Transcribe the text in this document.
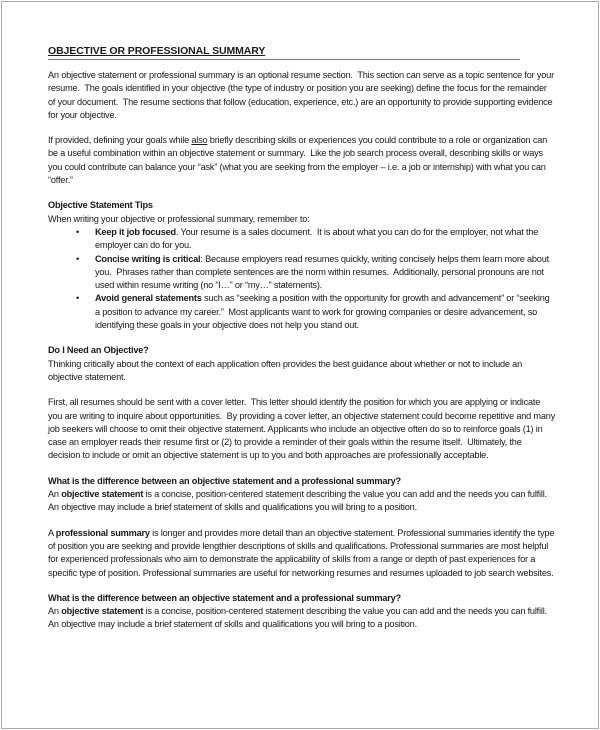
OBJECTIVE OR PROFESSIONAL SUMMARY

An objective statement or professional summary is an optional resume section.  This section can serve as a topic sentence for your resume.  The goals identified in your objective (the type of industry or position you are seeking) define the focus for the remainder of your document.  The resume sections that follow (education, experience, etc.) are an opportunity to provide supporting evidence for your objective.

If provided, defining your goals while also briefly describing skills or experiences you could contribute to a role or organization can be a useful combination within an objective statement or summary.  Like the job search process overall, describing skills or ways you could contribute can balance your “ask” (what you are seeking from the employer – i.e. a job or internship) with what you can “offer.”

Objective Statement Tips

When writing your objective or professional summary, remember to:

• Keep it job focused. Your resume is a sales document.  It is about what you can do for the employer, not what the employer can do for you.
• Concise writing is critical: Because employers read resumes quickly, writing concisely helps them learn more about you.  Phrases rather than complete sentences are the norm within resumes.  Additionally, personal pronouns are not used within resume writing (no “I…” or “my…” statements).
• Avoid general statements such as “seeking a position with the opportunity for growth and advancement” or “seeking a position to advance my career.”  Most applicants want to work for growing companies or desire advancement, so identifying these goals in your objective does not help you stand out.
Do I Need an Objective?

Thinking critically about the context of each application often provides the best guidance about whether or not to include an objective statement.

First, all resumes should be sent with a cover letter.  This letter should identify the position for which you are applying or indicate you are writing to inquire about opportunities.  By providing a cover letter, an objective statement could become repetitive and many job seekers will choose to omit their objective statement. Applicants who include an objective often do so to reinforce goals (1) in case an employer reads their resume first or (2) to provide a reminder of their goals within the resume itself.  Ultimately, the decision to include or omit an objective statement is up to you and both approaches are professionally acceptable.

What is the difference between an objective statement and a professional summary?

An objective statement is a concise, position-centered statement describing the value you can add and the needs you can fulfill.  An objective may include a brief statement of skills and qualifications you will bring to a position.

A professional summary is longer and provides more detail than an objective statement. Professional summaries identify the type of position you are seeking and provide lengthier descriptions of skills and qualifications. Professional summaries are most helpful for experienced professionals who aim to demonstrate the applicability of skills from a range or depth of past experiences for a specific type of position. Professional summaries are useful for networking resumes and resumes uploaded to job search websites.

What is the difference between an objective statement and a professional summary?

An objective statement is a concise, position-centered statement describing the value you can add and the needs you can fulfill.  An objective may include a brief statement of skills and qualifications you will bring to a position.
